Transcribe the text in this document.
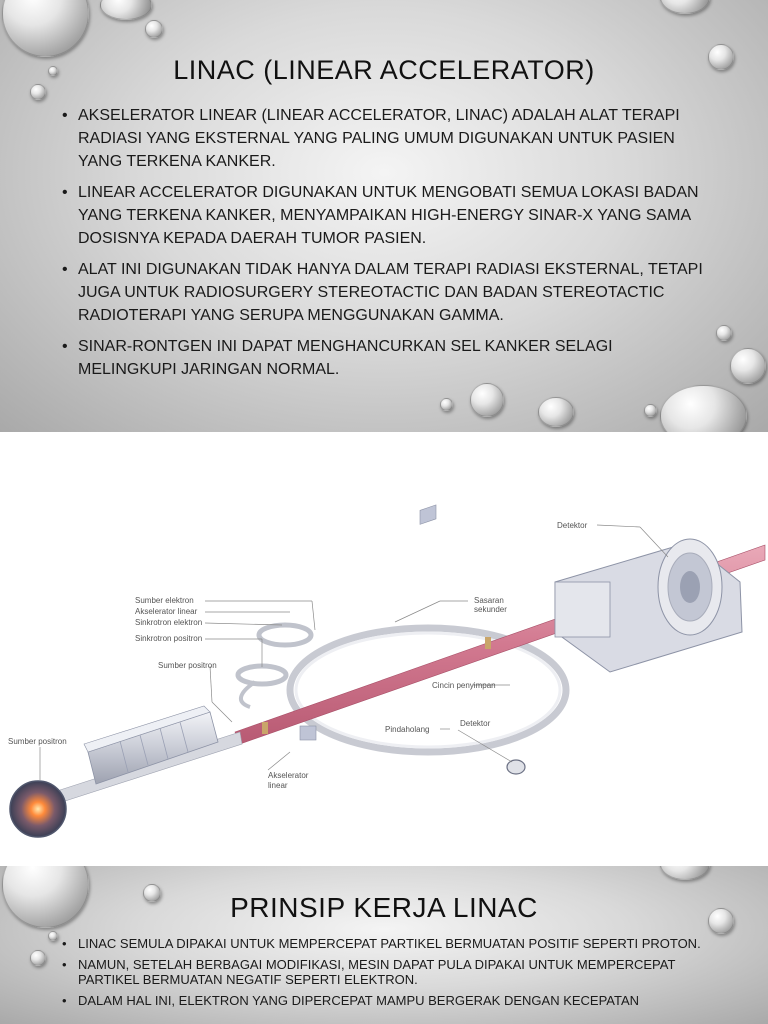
LINAC (LINEAR ACCELERATOR)
• AKSELERATOR LINEAR (LINEAR ACCELERATOR, LINAC) ADALAH ALAT TERAPI RADIASI YANG EKSTERNAL YANG PALING UMUM DIGUNAKAN UNTUK PASIEN YANG TERKENA KANKER.
• LINEAR ACCELERATOR DIGUNAKAN UNTUK MENGOBATI SEMUA LOKASI BADAN YANG TERKENA KANKER, MENYAMPAIKAN HIGH-ENERGY SINAR-X YANG SAMA DOSISNYA KEPADA DAERAH TUMOR PASIEN.
• ALAT INI DIGUNAKAN TIDAK HANYA DALAM TERAPI RADIASI EKSTERNAL, TETAPI JUGA UNTUK RADIOSURGERY STEREOTACTIC DAN BADAN STEREOTACTIC RADIOTERAPI YANG SERUPA MENGGUNAKAN GAMMA.
• SINAR-RONTGEN INI DAPAT MENGHANCURKAN SEL KANKER SELAGI MELINGKUPI JARINGAN NORMAL.
Detektor
Sasaran
sekunder
Sumber elektron
Akselerator linear
Sinkrotron elektron
Sinkrotron positron
Sumber positron
Cincin penyimpan
Pindaholang
Detektor
Sumber positron
Akselerator
linear
PRINSIP KERJA LINAC
• LINAC SEMULA DIPAKAI UNTUK MEMPERCEPAT PARTIKEL BERMUATAN POSITIF SEPERTI PROTON.
• NAMUN, SETELAH BERBAGAI MODIFIKASI, MESIN DAPAT PULA DIPAKAI UNTUK MEMPERCEPAT PARTIKEL BERMUATAN NEGATIF SEPERTI ELEKTRON.
• DALAM HAL INI, ELEKTRON YANG DIPERCEPAT MAMPU BERGERAK DENGAN KECEPATAN
